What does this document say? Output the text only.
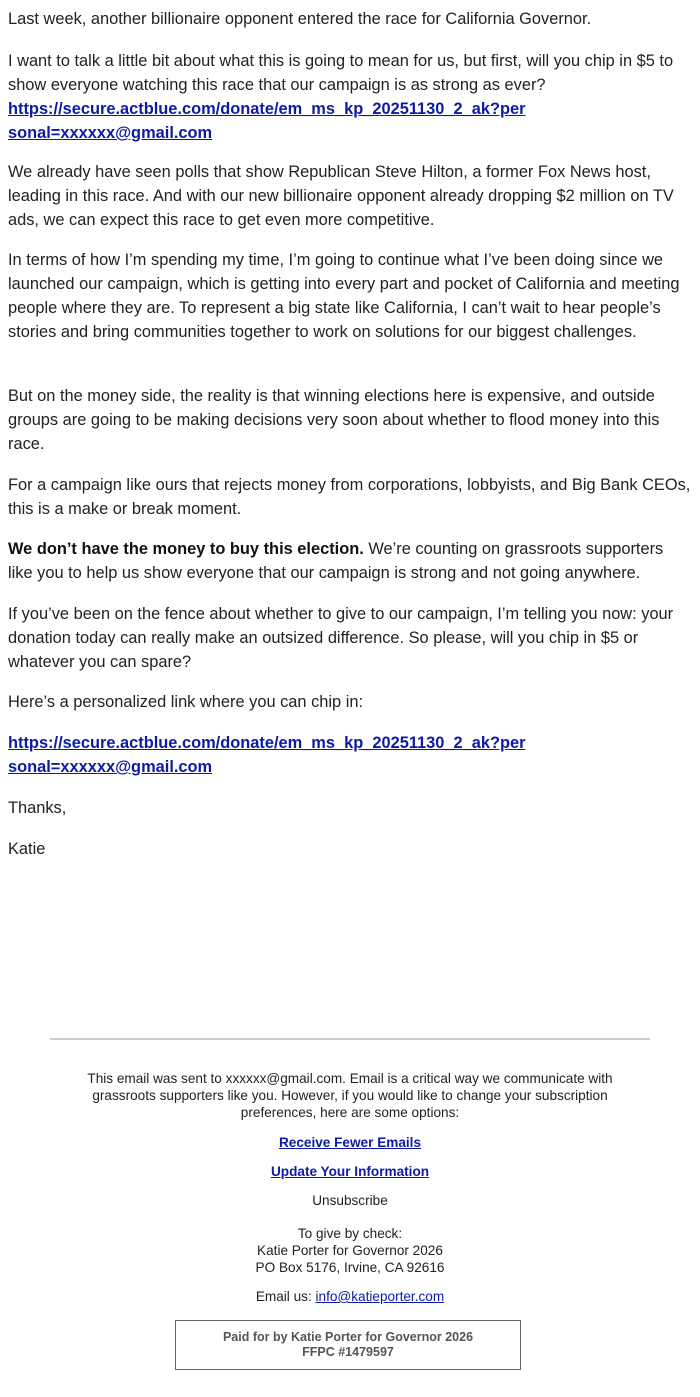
Last week, another billionaire opponent entered the race for California Governor.

I want to talk a little bit about what this is going to mean for us, but first, will you chip in $5 to show everyone watching this race that our campaign is as strong as ever? https://secure.actblue.com/donate/em_ms_kp_20251130_2_ak?personal=xxxxxx@gmail.com

We already have seen polls that show Republican Steve Hilton, a former Fox News host, leading in this race. And with our new billionaire opponent already dropping $2 million on TV ads, we can expect this race to get even more competitive.

In terms of how I’m spending my time, I’m going to continue what I’ve been doing since we launched our campaign, which is getting into every part and pocket of California and meeting people where they are. To represent a big state like California, I can’t wait to hear people’s stories and bring communities together to work on solutions for our biggest challenges.

But on the money side, the reality is that winning elections here is expensive, and outside groups are going to be making decisions very soon about whether to flood money into this race.

For a campaign like ours that rejects money from corporations, lobbyists, and Big Bank CEOs, this is a make or break moment.

We don’t have the money to buy this election. We’re counting on grassroots supporters like you to help us show everyone that our campaign is strong and not going anywhere.

If you’ve been on the fence about whether to give to our campaign, I’m telling you now: your donation today can really make an outsized difference. So please, will you chip in $5 or whatever you can spare?

Here’s a personalized link where you can chip in:

https://secure.actblue.com/donate/em_ms_kp_20251130_2_ak?personal=xxxxxx@gmail.com

Thanks,

Katie

This email was sent to xxxxxx@gmail.com. Email is a critical way we communicate with grassroots supporters like you. However, if you would like to change your subscription preferences, here are some options:

Receive Fewer Emails

Update Your Information

Unsubscribe

To give by check:

Katie Porter for Governor 2026

PO Box 5176, Irvine, CA 92616

Email us: info@katieporter.com

Paid for by Katie Porter for Governor 2026
FFPC #1479597
